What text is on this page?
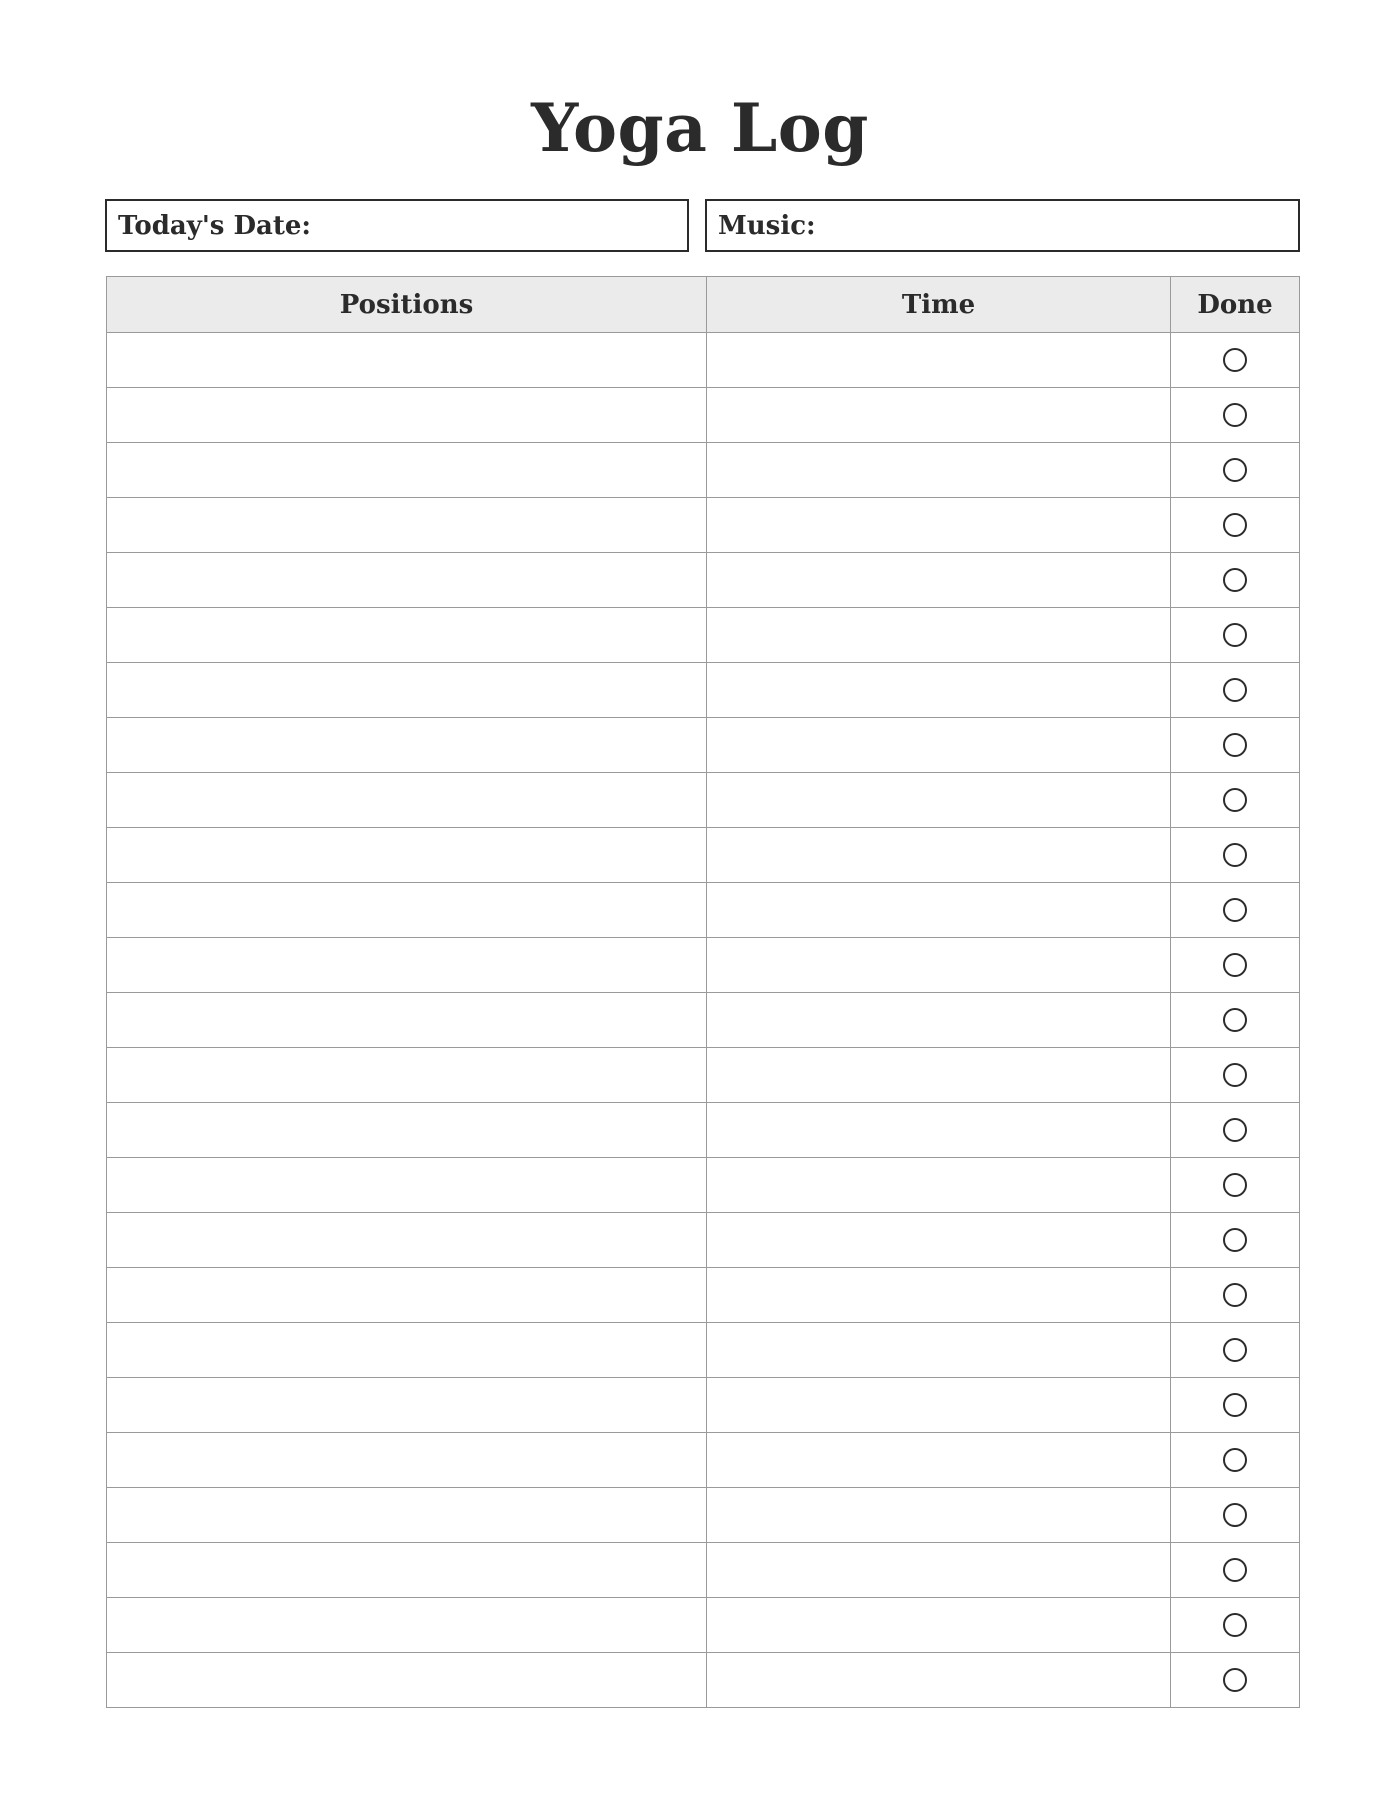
Yoga Log
Today's Date:	Music:
Positions	Time	Done
